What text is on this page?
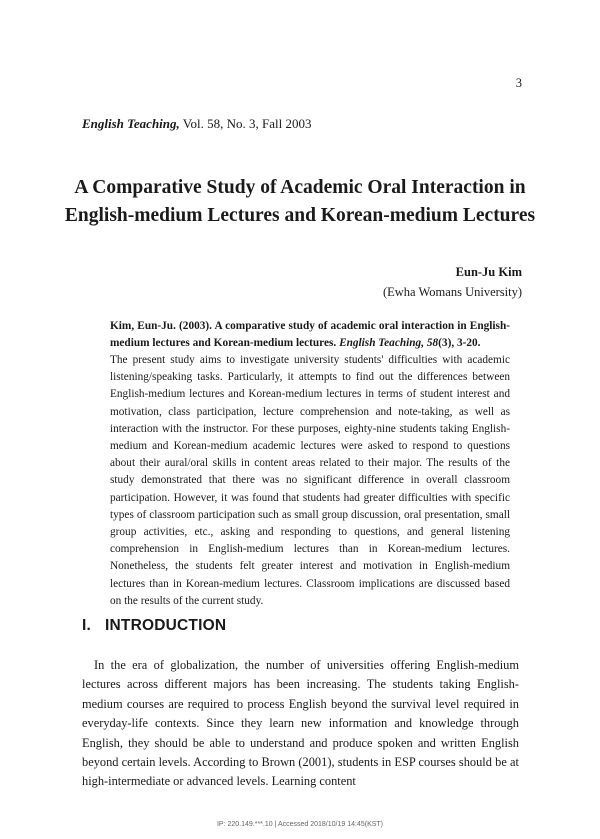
3
English Teaching, Vol. 58, No. 3, Fall 2003
A Comparative Study of Academic Oral Interaction in
English-medium Lectures and Korean-medium Lectures
Eun-Ju Kim
(Ewha Womans University)
Kim, Eun-Ju. (2003). A comparative study of academic oral interaction in English-medium lectures and Korean-medium lectures. English Teaching, 58(3), 3-20.
The present study aims to investigate university students' difficulties with academic listening/speaking tasks. Particularly, it attempts to find out the differences between English-medium lectures and Korean-medium lectures in terms of student interest and motivation, class participation, lecture comprehension and note-taking, as well as interaction with the instructor. For these purposes, eighty-nine students taking English-medium and Korean-medium academic lectures were asked to respond to questions about their aural/oral skills in content areas related to their major. The results of the study demonstrated that there was no significant difference in overall classroom participation. However, it was found that students had greater difficulties with specific types of classroom participation such as small group discussion, oral presentation, small group activities, etc., asking and responding to questions, and general listening comprehension in English-medium lectures than in Korean-medium lectures. Nonetheless, the students felt greater interest and motivation in English-medium lectures than in Korean-medium lectures. Classroom implications are discussed based on the results of the current study.
I. INTRODUCTION
In the era of globalization, the number of universities offering English-medium lectures across different majors has been increasing. The students taking English-medium courses are required to process English beyond the survival level required in everyday-life contexts. Since they learn new information and knowledge through English, they should be able to understand and produce spoken and written English beyond certain levels. According to Brown (2001), students in ESP courses should be at high-intermediate or advanced levels. Learning content
IP: 220.149.***.10 | Accessed 2018/10/19 14:45(KST)
